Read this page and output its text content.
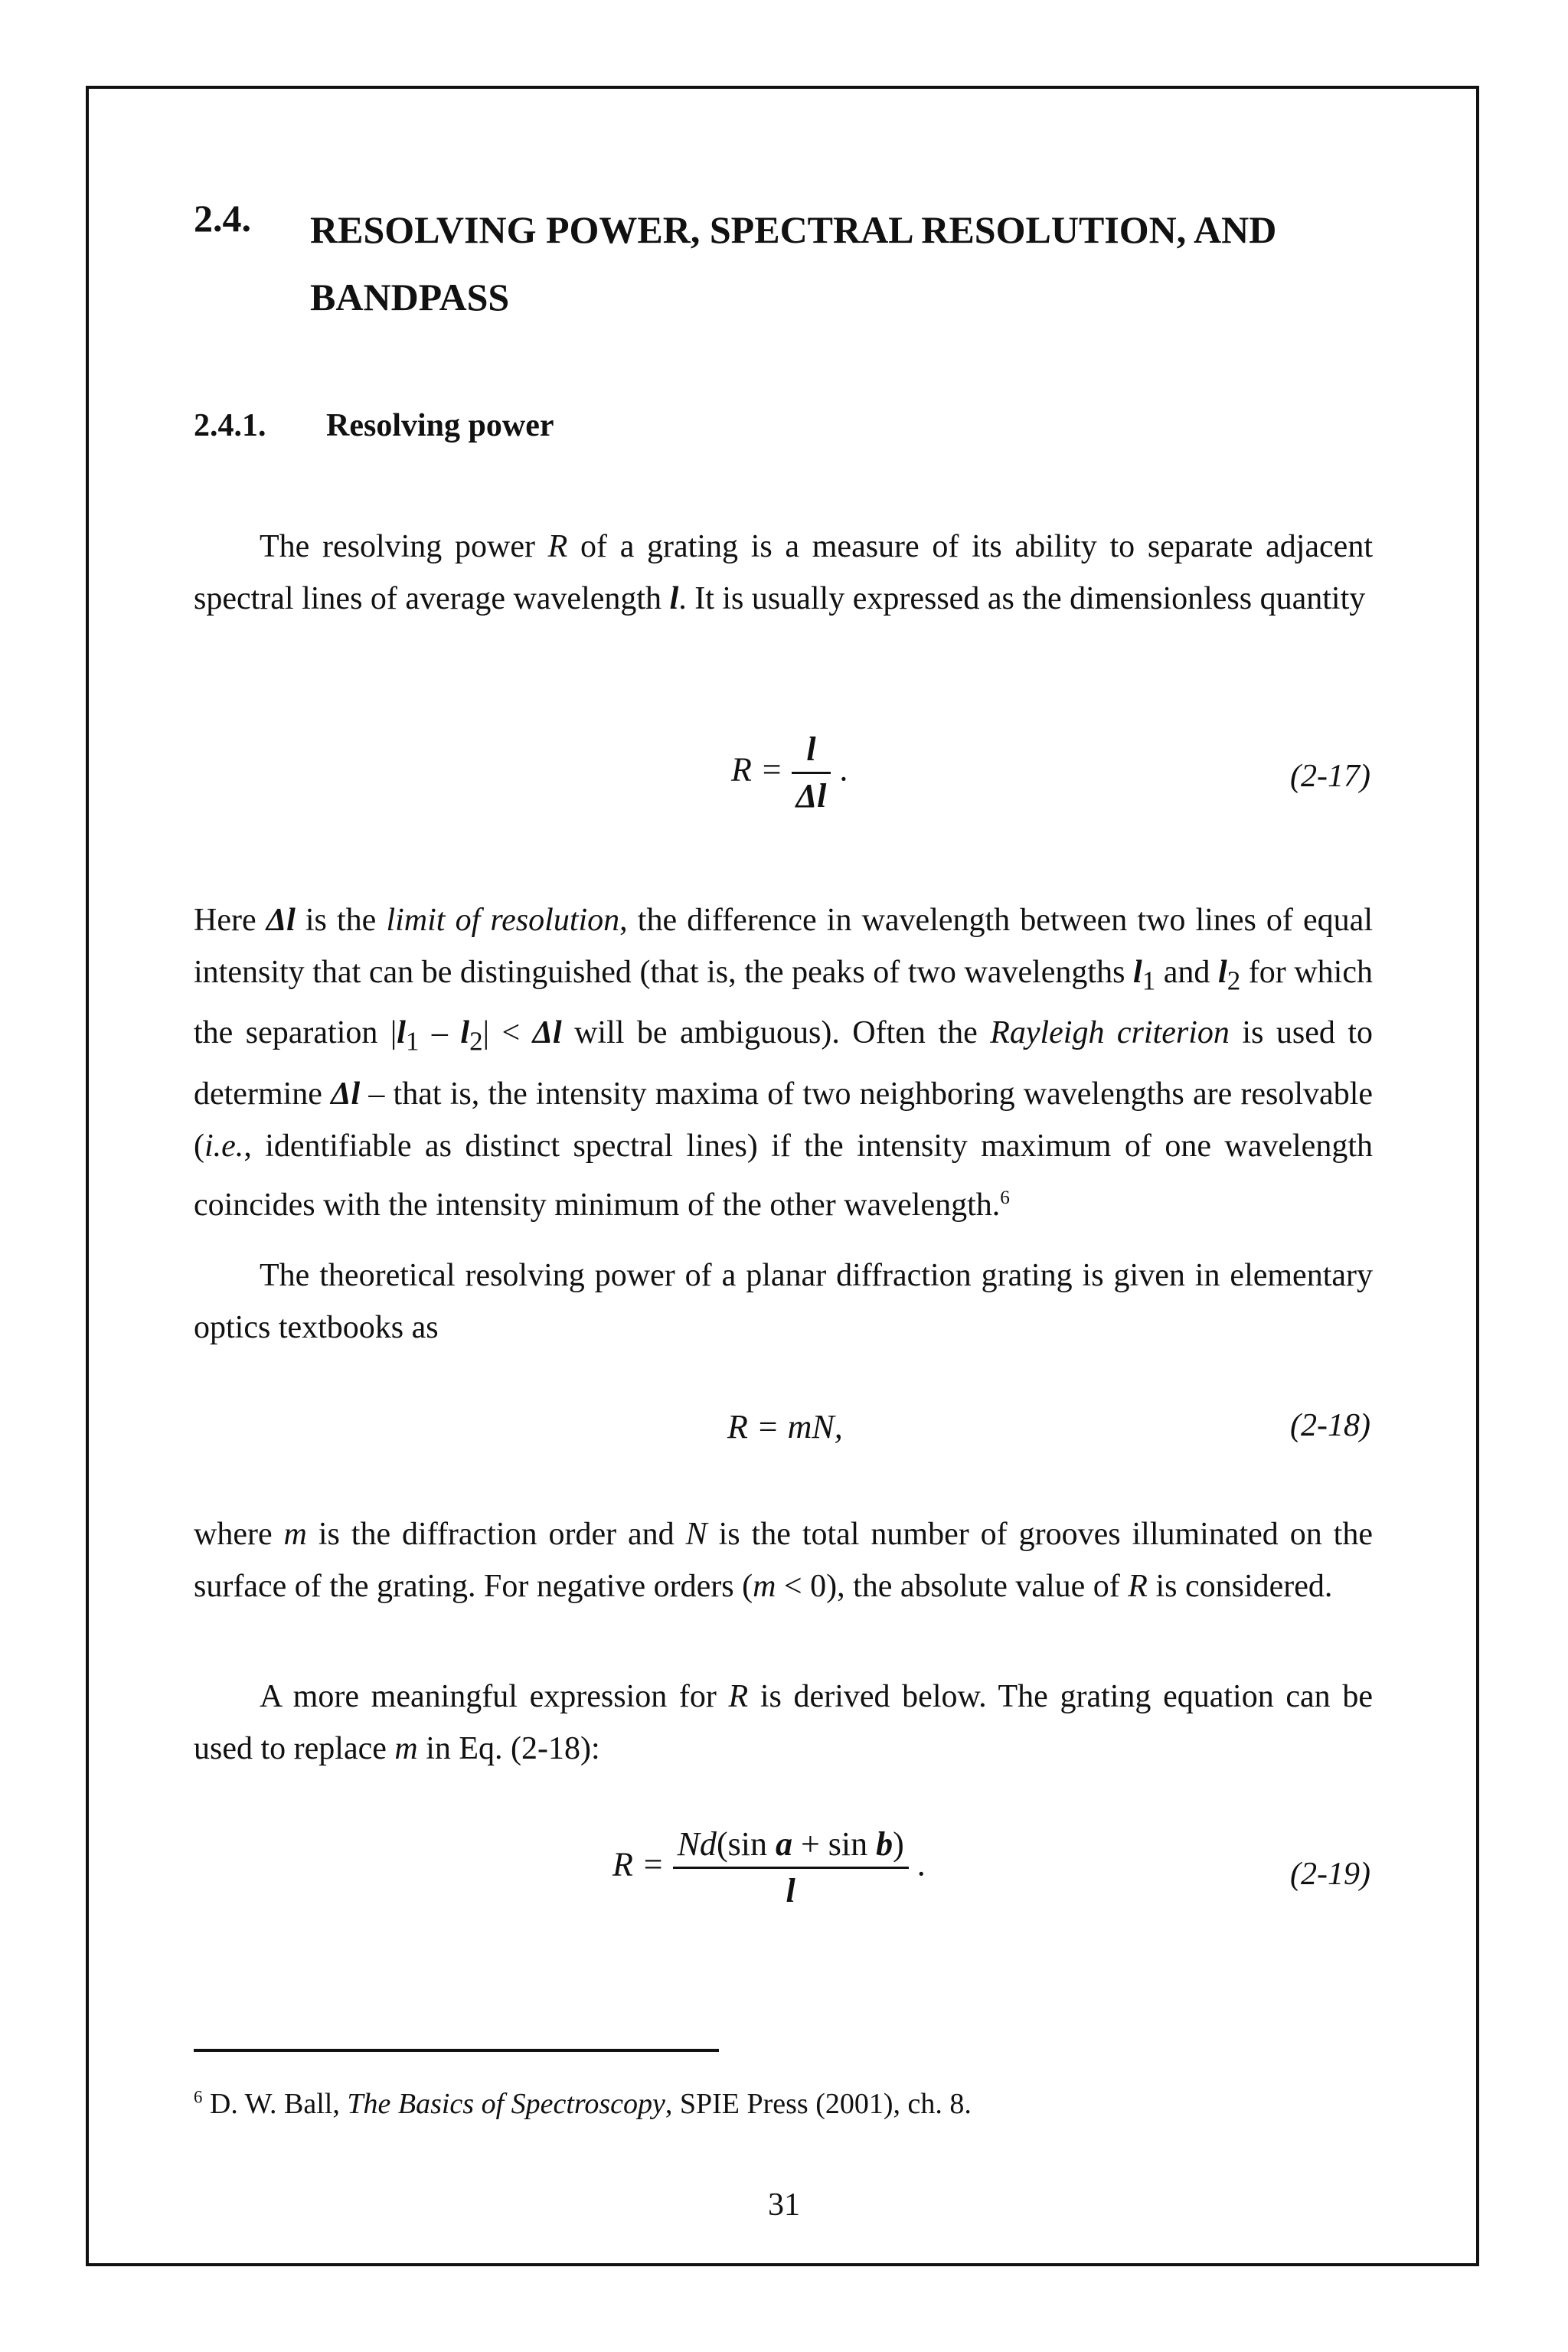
2.4. RESOLVING POWER, SPECTRAL RESOLUTION, AND
BANDPASS
2.4.1. Resolving power

The resolving power R of a grating is a measure of its ability to separate adjacent spectral lines of average wavelength l. It is usually expressed as the dimensionless quantity

$R = \frac{l}{\Delta l}$ .	(2-17)

Here Δl is the limit of resolution, the difference in wavelength between two lines of equal intensity that can be distinguished (that is, the peaks of two wavelengths $l_1$ and $l_2$ for which the separation $|l_1 - l_2| < \Delta l$ will be ambiguous). Often the Rayleigh criterion is used to determine Δl – that is, the intensity maxima of two neighboring wavelengths are resolvable (i.e., identifiable as distinct spectral lines) if the intensity maximum of one wavelength coincides with the intensity minimum of the other wavelength.$^6$

The theoretical resolving power of a planar diffraction grating is given in elementary optics textbooks as

R = mN,	(2-18)

where m is the diffraction order and N is the total number of grooves illuminated on the surface of the grating. For negative orders (m < 0), the absolute value of R is considered.

A more meaningful expression for R is derived below. The grating equation can be used to replace m in Eq. (2-18):

$R = \frac{\text{Nd(sin a + sin b)}}{l}$ .	(2-19)
$^6$ D. W. Ball, The Basics of Spectroscopy, SPIE Press (2001), ch. 8.
31
